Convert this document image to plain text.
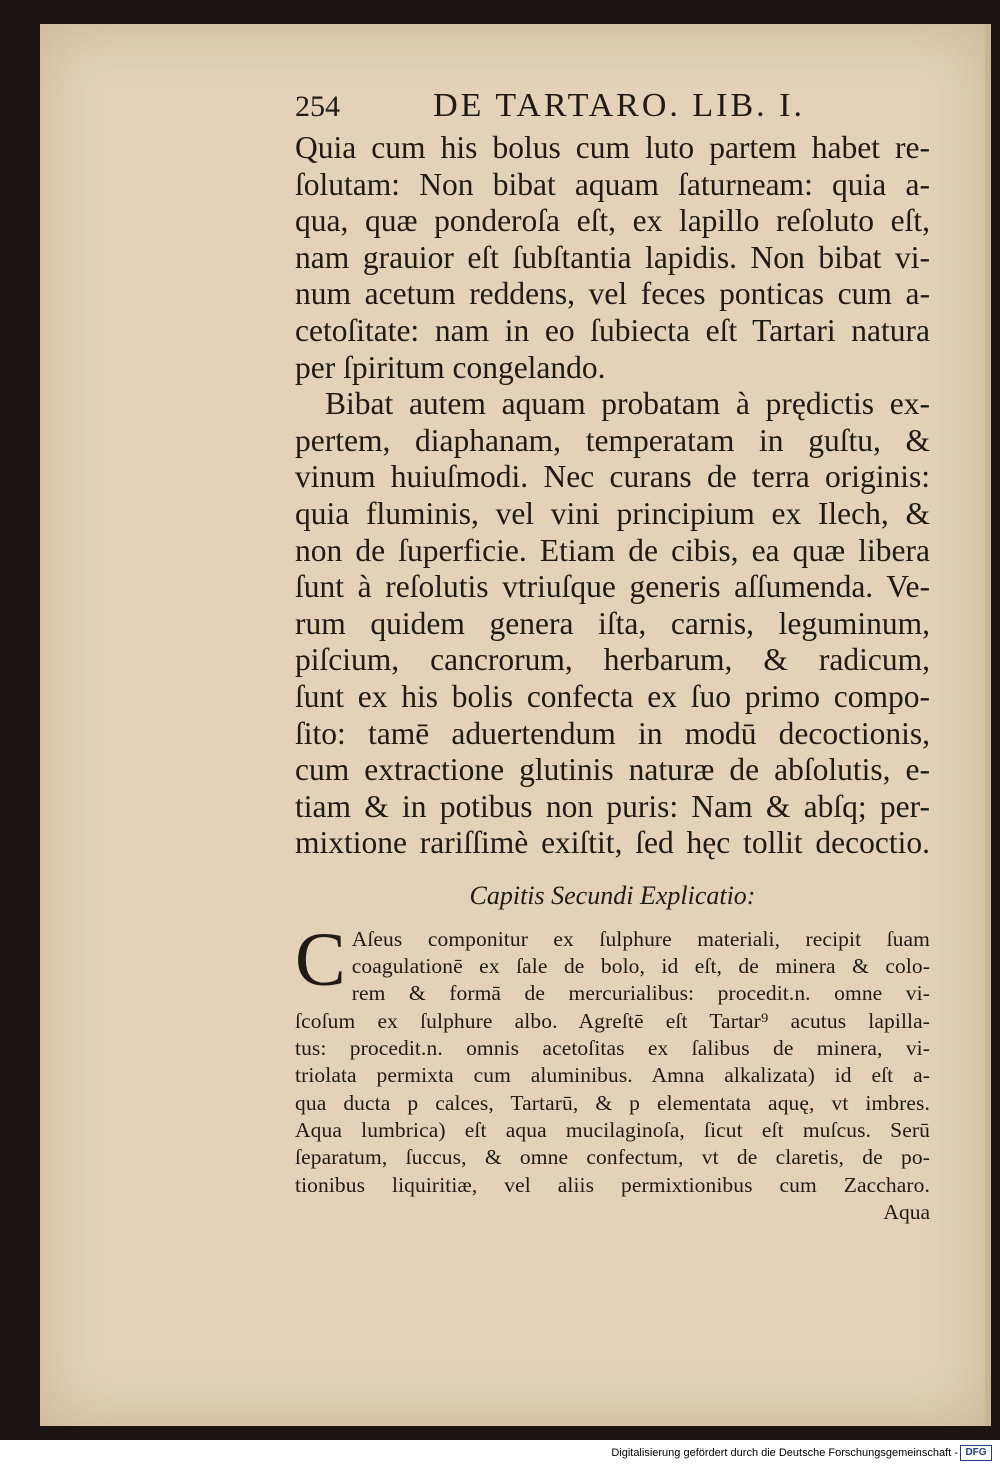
254	DE TARTARO. LIB. I.
Quia cum his bolus cum luto partem habet re-
ſolutam: Non bibat aquam ſaturneam: quia a-
qua, quæ ponderoſa eſt, ex lapillo reſoluto eſt,
nam grauior eſt ſubſtantia lapidis. Non bibat vi-
num acetum reddens, vel feces ponticas cum a-
cetoſitate: nam in eo ſubiecta eſt Tartari natura
per ſpiritum congelando.
Bibat autem aquam probatam à prędictis ex-
pertem, diaphanam, temperatam in guſtu, &
vinum huiuſmodi. Nec curans de terra originis:
quia fluminis, vel vini principium ex Ilech, &
non de ſuperficie. Etiam de cibis, ea quæ libera
ſunt à reſolutis vtriuſque generis aſſumenda. Ve-
rum quidem genera iſta, carnis, leguminum,
piſcium, cancrorum, herbarum, & radicum,
ſunt ex his bolis confecta ex ſuo primo compo-
ſito: tamē aduertendum in modū decoctionis,
cum extractione glutinis naturæ de abſolutis, e-
tiam & in potibus non puris: Nam & abſq; per-
mixtione rariſſimè exiſtit, ſed hęc tollit decoctio.
Capitis Secundi Explicatio:
C Aſeus componitur ex ſulphure materiali, recipit ſuam
coagulationē ex ſale de bolo, id eſt, de minera & colo-
rem & formā de mercurialibus: procedit.n. omne vi-
ſcoſum ex ſulphure albo. Agreſtē eſt Tartar⁹ acutus lapilla-
tus: procedit.n. omnis acetoſitas ex ſalibus de minera, vi-
triolata permixta cum aluminibus. Amna alkalizata) id eſt a-
qua ducta p calces, Tartarū, & p elementata aquę, vt imbres.
Aqua lumbrica) eſt aqua mucilaginoſa, ſicut eſt muſcus. Serū
ſeparatum, ſuccus, & omne confectum, vt de claretis, de po-
tionibus liquiritiæ, vel aliis permixtionibus cum Zaccharo.
Aqua
Digitalisierung gefördert durch die Deutsche Forschungsgemeinschaft - DFG
